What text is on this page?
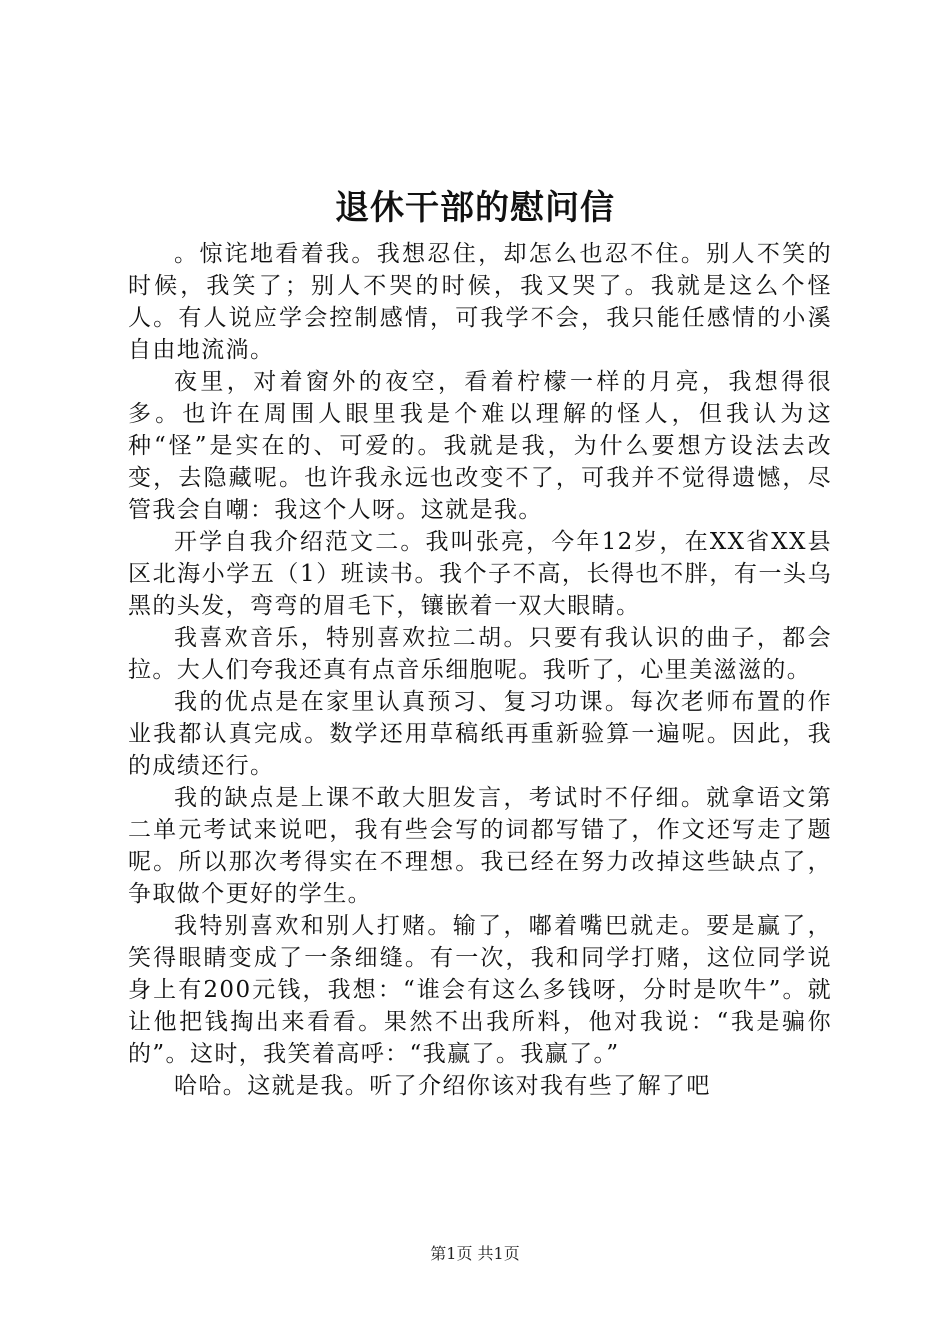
退休干部的慰问信

。惊诧地看着我。我想忍住，却怎么也忍不住。别人不笑的时候，我笑了；别人不哭的时候，我又哭了。我就是这么个怪人。有人说应学会控制感情，可我学不会，我只能任感情的小溪自由地流淌。

夜里，对着窗外的夜空，看着柠檬一样的月亮，我想得很多。也许在周围人眼里我是个难以理解的怪人，但我认为这种“怪”是实在的、可爱的。我就是我，为什么要想方设法去改变，去隐藏呢。也许我永远也改变不了，可我并不觉得遗憾，尽管我会自嘲：我这个人呀。这就是我。

开学自我介绍范文二。我叫张亮，今年12岁，在XX省XX县区北海小学五（1）班读书。我个子不高，长得也不胖，有一头乌黑的头发，弯弯的眉毛下，镶嵌着一双大眼睛。

我喜欢音乐，特别喜欢拉二胡。只要有我认识的曲子，都会拉。大人们夸我还真有点音乐细胞呢。我听了，心里美滋滋的。

我的优点是在家里认真预习、复习功课。每次老师布置的作业我都认真完成。数学还用草稿纸再重新验算一遍呢。因此，我的成绩还行。

我的缺点是上课不敢大胆发言，考试时不仔细。就拿语文第二单元考试来说吧，我有些会写的词都写错了，作文还写走了题呢。所以那次考得实在不理想。我已经在努力改掉这些缺点了，争取做个更好的学生。

我特别喜欢和别人打赌。输了，嘟着嘴巴就走。要是赢了，笑得眼睛变成了一条细缝。有一次，我和同学打赌，这位同学说身上有200元钱，我想：“谁会有这么多钱呀，分时是吹牛”。就让他把钱掏出来看看。果然不出我所料，他对我说：“我是骗你的”。这时，我笑着高呼：“我赢了。我赢了。”

哈哈。这就是我。听了介绍你该对我有些了解了吧

第1页 共1页
